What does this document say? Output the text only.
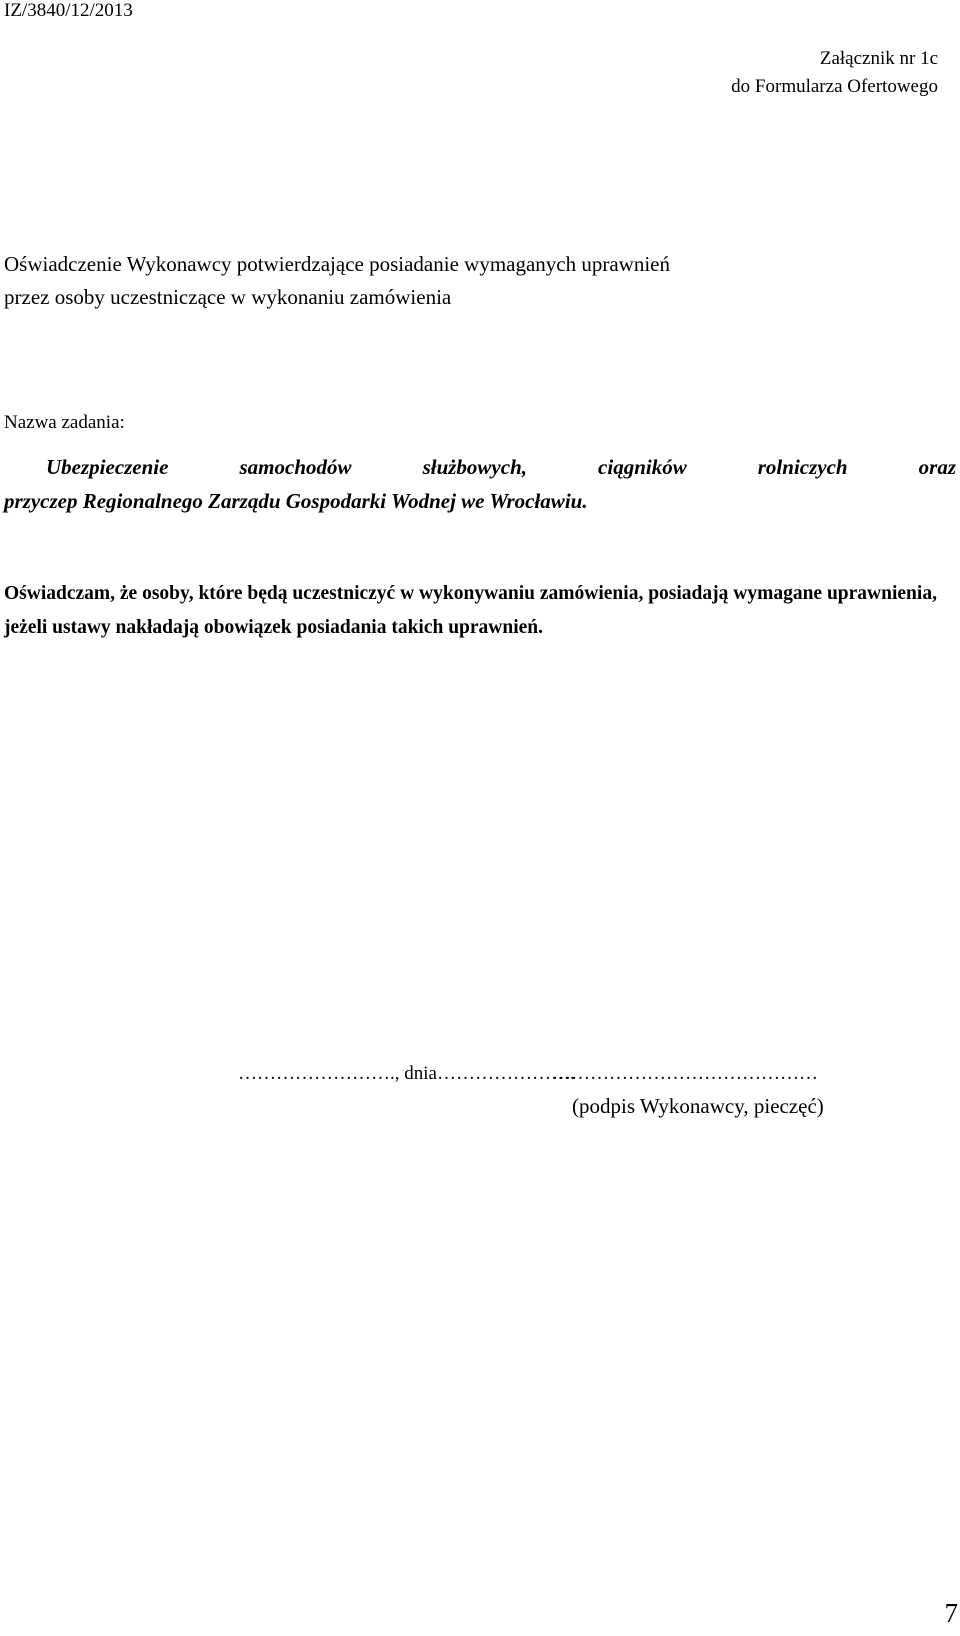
IZ/3840/12/2013

Załącznik nr 1c

do Formularza Ofertowego

Oświadczenie Wykonawcy potwierdzające posiadanie wymaganych uprawnień

przez osoby uczestniczące w wykonaniu zamówienia

Nazwa zadania:

Ubezpieczenie samochodów służbowych, ciągników rolniczych oraz
przyczep Regionalnego Zarządu Gospodarki Wodnej we Wrocławiu.

Oświadczam, że osoby, które będą uczestniczyć w wykonywaniu zamówienia, posiadają wymagane uprawnienia, jeżeli ustawy nakładają obowiązek posiadania takich uprawnień.

……………………., dnia………………….

……………………………………

(podpis Wykonawcy, pieczęć)

7
